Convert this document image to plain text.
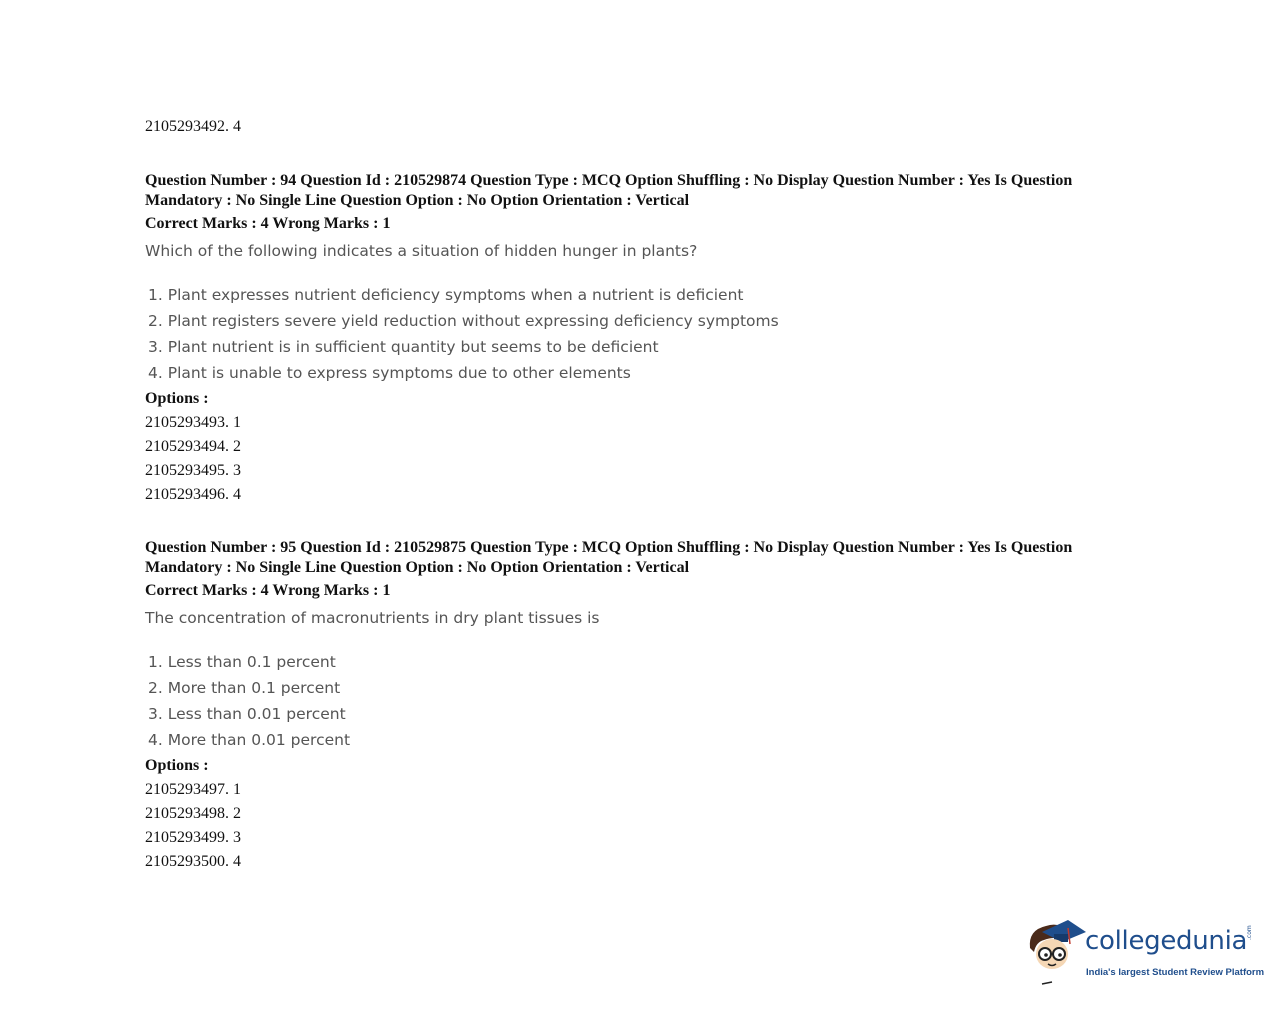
2105293492. 4
Question Number : 94 Question Id : 210529874 Question Type : MCQ Option Shuffling : No Display Question Number : Yes Is Question
Mandatory : No Single Line Question Option : No Option Orientation : Vertical
Correct Marks : 4 Wrong Marks : 1
Which of the following indicates a situation of hidden hunger in plants?
1. Plant expresses nutrient deficiency symptoms when a nutrient is deficient
2. Plant registers severe yield reduction without expressing deficiency symptoms
3. Plant nutrient is in sufficient quantity but seems to be deficient
4. Plant is unable to express symptoms due to other elements
Options :
2105293493. 1
2105293494. 2
2105293495. 3
2105293496. 4
Question Number : 95 Question Id : 210529875 Question Type : MCQ Option Shuffling : No Display Question Number : Yes Is Question
Mandatory : No Single Line Question Option : No Option Orientation : Vertical
Correct Marks : 4 Wrong Marks : 1
The concentration of macronutrients in dry plant tissues is
1. Less than 0.1 percent
2. More than 0.1 percent
3. Less than 0.01 percent
4. More than 0.01 percent
Options :
2105293497. 1
2105293498. 2
2105293499. 3
2105293500. 4
collegedunia
.com
India's largest Student Review Platform
